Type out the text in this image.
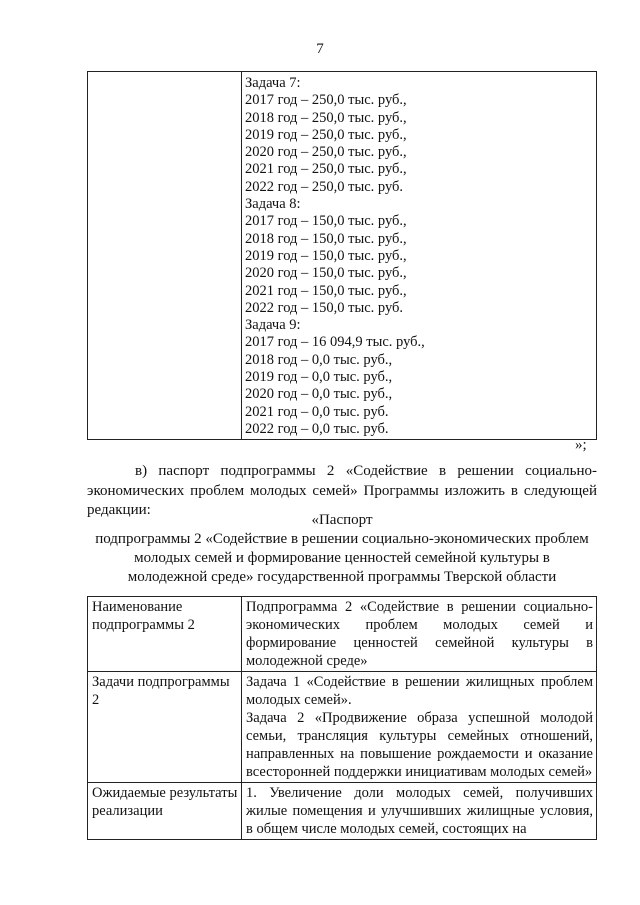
7
Задача 7:
2017 год – 250,0 тыс. руб.,
2018 год – 250,0 тыс. руб.,
2019 год – 250,0 тыс. руб.,
2020 год – 250,0 тыс. руб.,
2021 год – 250,0 тыс. руб.,
2022 год – 250,0 тыс. руб.
Задача 8:
2017 год – 150,0 тыс. руб.,
2018 год – 150,0 тыс. руб.,
2019 год – 150,0 тыс. руб.,
2020 год – 150,0 тыс. руб.,
2021 год – 150,0 тыс. руб.,
2022 год – 150,0 тыс. руб.
Задача 9:
2017 год – 16 094,9 тыс. руб.,
2018 год – 0,0 тыс. руб.,
2019 год – 0,0 тыс. руб.,
2020 год – 0,0 тыс. руб.,
2021 год – 0,0 тыс. руб.
2022 год – 0,0 тыс. руб.
»;
в) паспорт подпрограммы 2 «Содействие в решении социально-экономических проблем молодых семей» Программы изложить в следующей редакции:
«Паспорт
подпрограммы 2 «Содействие в решении социально-экономических проблем
молодых семей и формирование ценностей семейной культуры в
молодежной среде» государственной программы Тверской области
Наименование подпрограммы 2	Подпрограмма 2 «Содействие в решении социально-экономических проблем молодых семей и формирование ценностей семейной культуры в молодежной среде»

Задачи подпрограммы 2	Задача 1 «Содействие в решении жилищных проблем молодых семей».

Задача 2 «Продвижение образа успешной молодой семьи, трансляция культуры семейных отношений, направленных на повышение рождаемости и оказание всесторонней поддержки инициативам молодых семей»

Ожидаемые результаты реализации	1. Увеличение доли молодых семей, получивших жилые помещения и улучшивших жилищные условия, в общем числе молодых семей, состоящих на
